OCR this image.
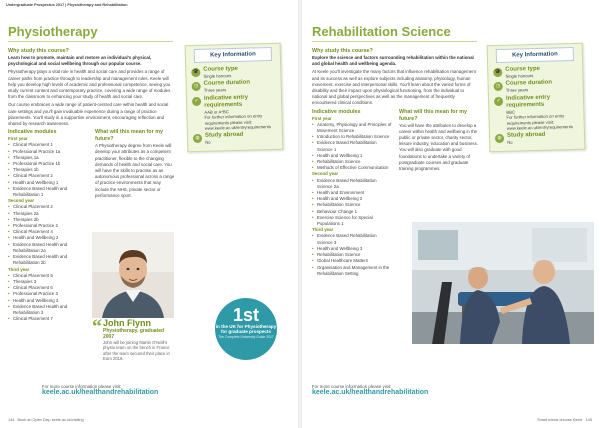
Undergraduate Prospectus 2017 | Physiotherapy and Rehabilitation
Physiotherapy
Why study this course?
Learn how to promote, maintain and restore an individual's physical, psychological and social wellbeing through our popular course.
Physiotherapy plays a vital role in health and social care and provides a range of career paths from practice through to leadership and management roles. Keele will help you develop high levels of academic and professional competence, seeing you study current content and contemporary practice, covering a wide range of modules from the classroom to enhancing your study of health and social care.
Our course embraces a wide range of patient-centred care within health and social care settings and you'll gain invaluable experience during a range of practice placements. You'll study in a supportive environment, encouraging reflection and shared by research awareness.
Indicative modules
First year
• Clinical Placement 1
• Professional Practice 1a
• Therapies 1a
• Professional Practice 1b
• Therapies 1b
• Clinical Placement 2
• Health and Wellbeing 1
• Evidence Based Health and Rehabilitation 1
Second year
• Clinical Placement 2
• Therapies 2a
• Therapies 2b
• Professional Practice 2
• Clinical Placement 4
• Health and Wellbeing 2
• Evidence Based Health and Rehabilitation 2a
• Evidence Based Health and Rehabilitation 2b
Third year
• Clinical Placement 5
• Therapies 3
• Clinical Placement 6
• Professional Practice 3
• Health and Wellbeing 3
• Evidence Based Health and Rehabilitation 3
• Clinical Placement 7
What will this mean for my future?
A Physiotherapy degree from Keele will develop your attributes as a competent practitioner, flexible to the changing demands of health and social care. You will have the skills to practise as an autonomous professional across a range of practice environments that may include the NHS, private sector or performance sport.
Key Information
🎓 Course type
Single honours
◷ Course duration
Three years
✓ Indicative entry requirements
AAB or A*BC
For further information on entry requirements please visit: www.keele.ac.uk/entryrequirements
◍ Study abroad
No
“ John Flynn
Physiotherapy, graduated 2007
John will be joining Martin O'Neill's physio team on the bench in France after the team secured their place in Euro 2016.
1st
in the UK for Physiotherapy for graduate prospects
The Complete University Guide 2017
For more course information please visit:
keele.ac.uk/healthandrehabilitation
144 Book an Open Day: keele.ac.uk/visiting
Rehabilitation Science
Why study this course?
Explore the science and factors surrounding rehabilitation within the national and global health and wellbeing agenda.
At Keele you'll investigate the many factors that influence rehabilitation management and its success as well as explore subjects including anatomy, physiology, human movement, exercise and interpersonal skills. You'll learn about the varied forms of disability and their impact upon physiological functioning, from the individual to national and global perspectives as well as the management of frequently encountered clinical conditions.
Indicative modules
First year
• Anatomy, Physiology and Principles of Movement Science
• Introduction to Rehabilitation Science
• Evidence Based Rehabilitation Science 1
• Health and Wellbeing 1
• Rehabilitation Science
• Methods of Effective Communication
Second year
• Evidence Based Rehabilitation Science 2a
• Health and Environment
• Health and Wellbeing 2
• Rehabilitation Science
• Behaviour Change 1
• Exercise Science for Special Populations 1
Third year
• Evidence Based Rehabilitation Science 3
• Health and Wellbeing 3
• Rehabilitation Science
• Global Healthcare Matters
• Organisation and Management in the Rehabilitation Setting
What will this mean for my future?
You will have the attributes to develop a career within health and wellbeing in the public or private sector, charity sector, leisure industry, education and business. You will also graduate with good foundations to undertake a variety of postgraduate courses and graduate training programmes.
Key Information
🎓 Course type
Single honours
◷ Course duration
Three years
✓ Indicative entry requirements
BBC
For further information on entry requirements please visit: www.keele.ac.uk/entryrequirements
◍ Study abroad
No
For more course information please visit:
keele.ac.uk/healthandrehabilitation
Smart minds choose Keele 145
